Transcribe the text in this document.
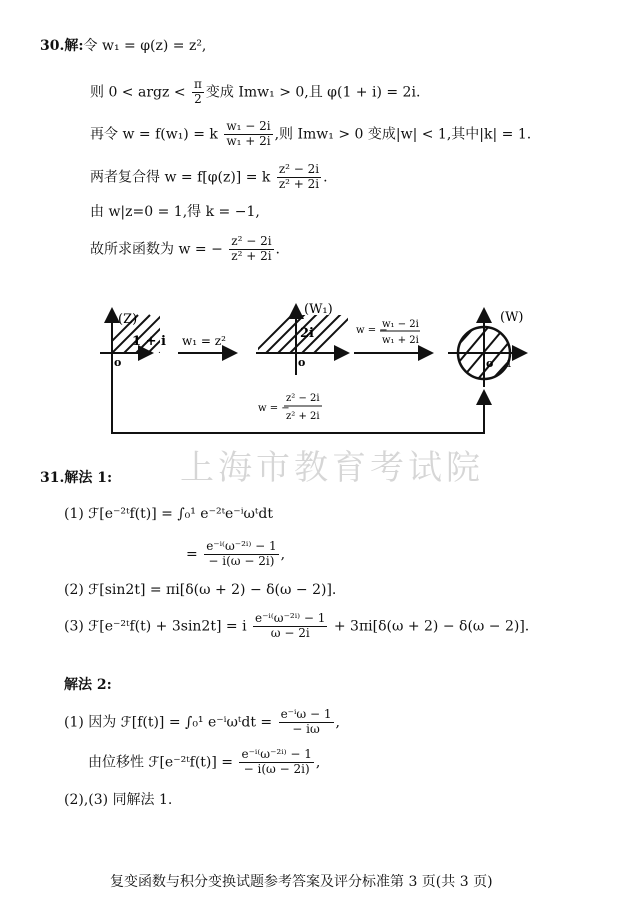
30.解:令 w₁ = φ(z) = z²,
则 0 < argz < $\frac{\pi}{2}$ 变成 Imw₁ > 0,且 φ(1 + i) = 2i.
再令 w = f(w₁) = k $\frac{\text{w₁ − 2i}}{\text{w₁ + 2i}}$ ,则 Imw₁ > 0 变成|w| < 1,其中|k| = 1.
两者复合得 w = f[φ(z)] = k $\frac{\text{z² − 2i}}{\text{z² + 2i}}$ .
由 w|z=0 = 1,得 k = −1,
故所求函数为 w = − $\frac{\text{z² − 2i}}{\text{z² + 2i}}$ .
(Z)
1 + i
o
w₁ = z²
(W₁)
2i
o
w = −
w₁ − 2i
w₁ + 2i
(W)
o 1
w = −
z² − 2i
z² + 2i
上海市教育考试院
31.解法 1:
(1) ℱ[e⁻²ᵗf(t)] = ∫₀¹ e⁻²ᵗe⁻ⁱωᵗdt
= $\frac{\text{e⁻ⁱ⁽ω⁻²ⁱ⁾ − 1}}{- i(\omega - 2i)}$ ,
(2) ℱ[sin2t] = πi[δ(ω + 2) − δ(ω − 2)].
(3) ℱ[e⁻²ᵗf(t) + 3sin2t] = i $\frac{\text{e⁻ⁱ⁽ω⁻²ⁱ⁾ − 1}}{\omega - 2i} + 3\pi i[\delta(\omega + 2) - \delta(\omega - 2)]$.
解法 2:
(1) 因为 ℱ[f(t)] = ∫₀¹ e⁻ⁱωᵗdt = $\frac{\text{e⁻ⁱω − 1}}{- i\omega}$ ,
由位移性 ℱ[e⁻²ᵗf(t)] = $\frac{\text{e⁻ⁱ⁽ω⁻²ⁱ⁾ − 1}}{- i(\omega - 2i)}$ ,
(2),(3) 同解法 1.
复变函数与积分变换试题参考答案及评分标准第 3 页(共 3 页)
